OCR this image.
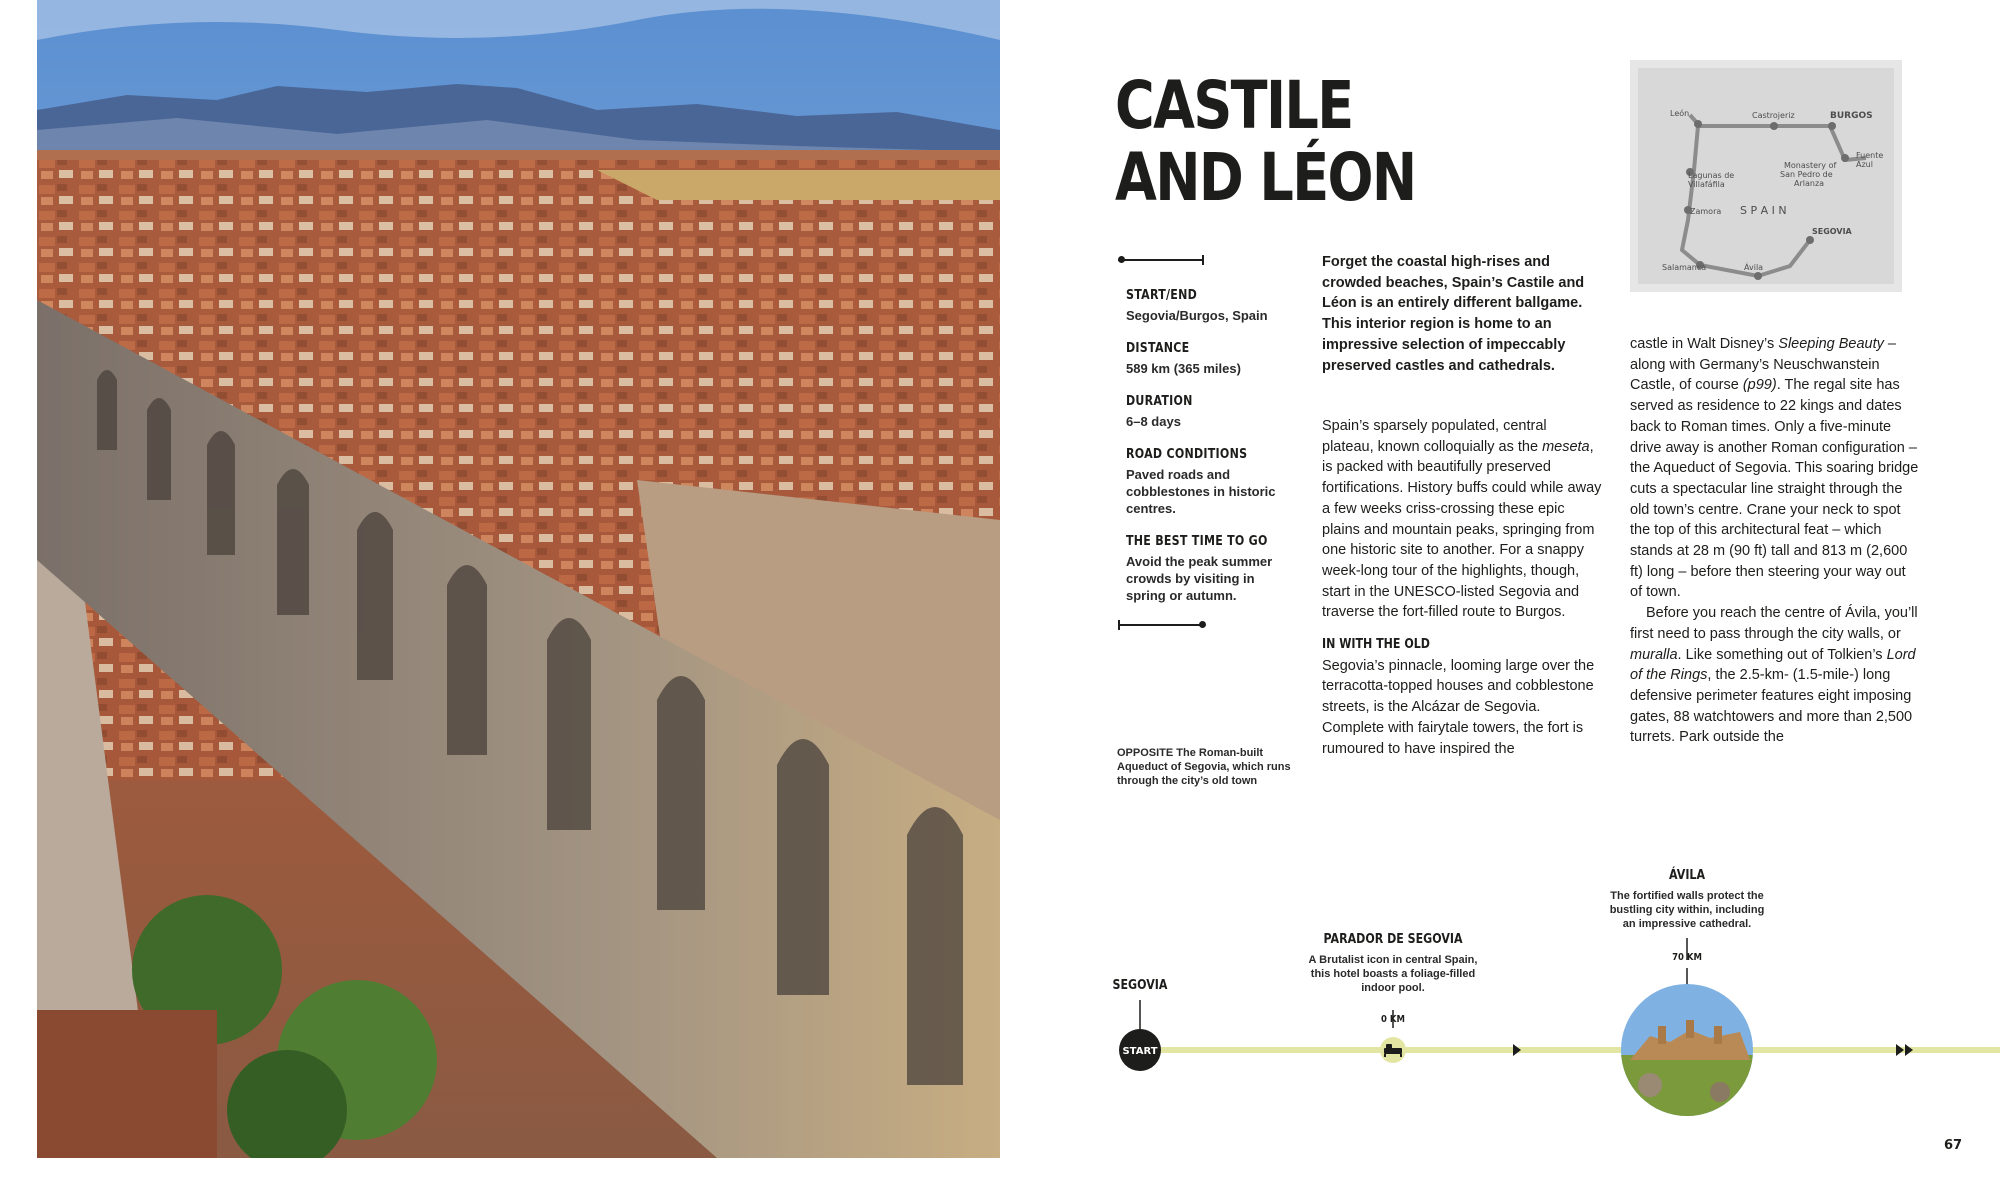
CASTILE
AND LÉON
START/END
Segovia/Burgos, Spain
DISTANCE
589 km (365 miles)
DURATION
6–8 days
ROAD CONDITIONS
Paved roads and cobblestones in historic centres.
THE BEST TIME TO GO
Avoid the peak summer crowds by visiting in spring or autumn.
OPPOSITE The Roman-built Aqueduct of Segovia, which runs through the city’s old town
Forget the coastal high-rises and crowded beaches, Spain’s Castile and Léon is an entirely different ballgame. This interior region is home to an impressive selection of impeccably preserved castles and cathedrals.

Spain’s sparsely populated, central plateau, known colloquially as the meseta, is packed with beautifully preserved fortifications. History buffs could while away a few weeks criss-crossing these epic plains and mountain peaks, springing from one historic site to another. For a snappy week-long tour of the highlights, though, start in the UNESCO-listed Segovia and traverse the fort-filled route to Burgos.

IN WITH THE OLD

Segovia’s pinnacle, looming large over the terracotta-topped houses and cobblestone streets, is the Alcázar de Segovia. Complete with fairytale towers, the fort is rumoured to have inspired the

castle in Walt Disney’s Sleeping Beauty – along with Germany’s Neuschwanstein Castle, of course (p99). The regal site has served as residence to 22 kings and dates back to Roman times. Only a five-minute drive away is another Roman configuration – the Aqueduct of Segovia. This soaring bridge cuts a spectacular line straight through the old town’s centre. Crane your neck to spot the top of this architectural feat – which stands at 28 m (90 ft) tall and 813 m (2,600 ft) long – before then steering your way out of town.

Before you reach the centre of Ávila, you’ll first need to pass through the city walls, or muralla. Like something out of Tolkien’s Lord of the Rings, the 2.5-km- (1.5-mile-) long defensive perimeter features eight imposing gates, 88 watchtowers and more than 2,500 turrets. Park outside the

León	Castrojeriz	BURGOS
Fuente
Azul
Monastery of
San Pedro de
Arlanza
Lagunas de
Villafáfila
Zamora S P A I N
SEGOVIA
Salamanca	Ávila
START
SEGOVIA
PARADOR DE SEGOVIA
A Brutalist icon in central Spain, this hotel boasts a foliage-filled indoor pool.
0 KM
ÁVILA
The fortified walls protect the bustling city within, including an impressive cathedral.
70 KM
67
